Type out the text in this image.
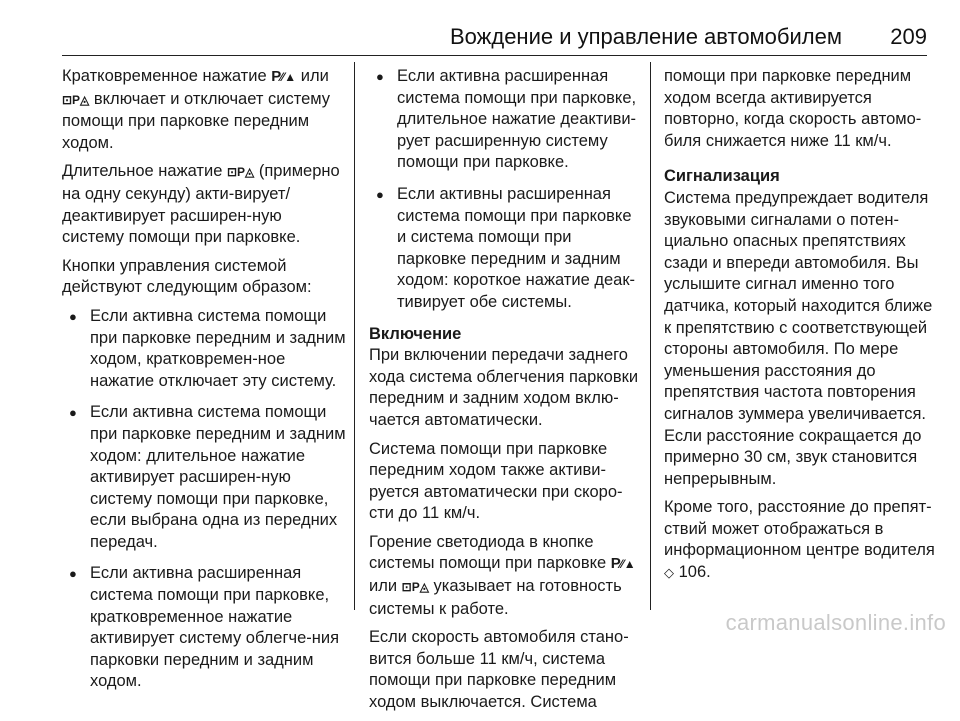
Вождение и управление автомобилем 209

Кратковременное нажатие P⁄⁄▲ или ⊡P◬ включает и отключает систему помощи при парковке передним ходом.

Длительное нажатие ⊡P◬ (примерно на одну секунду) акти-вирует/деактивирует расширен-ную систему помощи при парковке.

Кнопки управления системой действуют следующим образом:

● Если активна система помощи при парковке передним и задним ходом, кратковремен-ное нажатие отключает эту систему.
● Если активна система помощи при парковке передним и задним ходом: длительное нажатие активирует расширен-ную систему помощи при парковке, если выбрана одна из передних передач.
● Если активна расширенная система помощи при парковке, кратковременное нажатие активирует систему облегче-ния парковки передним и задним ходом.
● Если активна расширенная система помощи при парковке, длительное нажатие деактиви-рует расширенную систему помощи при парковке.
● Если активны расширенная система помощи при парковке и система помощи при парковке передним и задним ходом: короткое нажатие деак-тивирует обе системы.
Включение

При включении передачи заднего хода система облегчения парковки передним и задним ходом вклю-чается автоматически.

Система помощи при парковке передним ходом также активи-руется автоматически при скоро-сти до 11 км/ч.

Горение светодиода в кнопке системы помощи при парковке P⁄⁄▲ или ⊡P◬ указывает на готовность системы к работе.

Если скорость автомобиля стано-вится больше 11 км/ч, система помощи при парковке передним ходом выключается. Система

помощи при парковке передним ходом всегда активируется повторно, когда скорость автомо-биля снижается ниже 11 км/ч.

Сигнализация

Система предупреждает водителя звуковыми сигналами о потен-циально опасных препятствиях сзади и впереди автомобиля. Вы услышите сигнал именно того датчика, который находится ближе к препятствию с соответствующей стороны автомобиля. По мере уменьшения расстояния до препятствия частота повторения сигналов зуммера увеличивается. Если расстояние сокращается до примерно 30 см, звук становится непрерывным.

Кроме того, расстояние до препят-ствий может отображаться в информационном центре водителя ◇ 106.

carmanualsonline.info
